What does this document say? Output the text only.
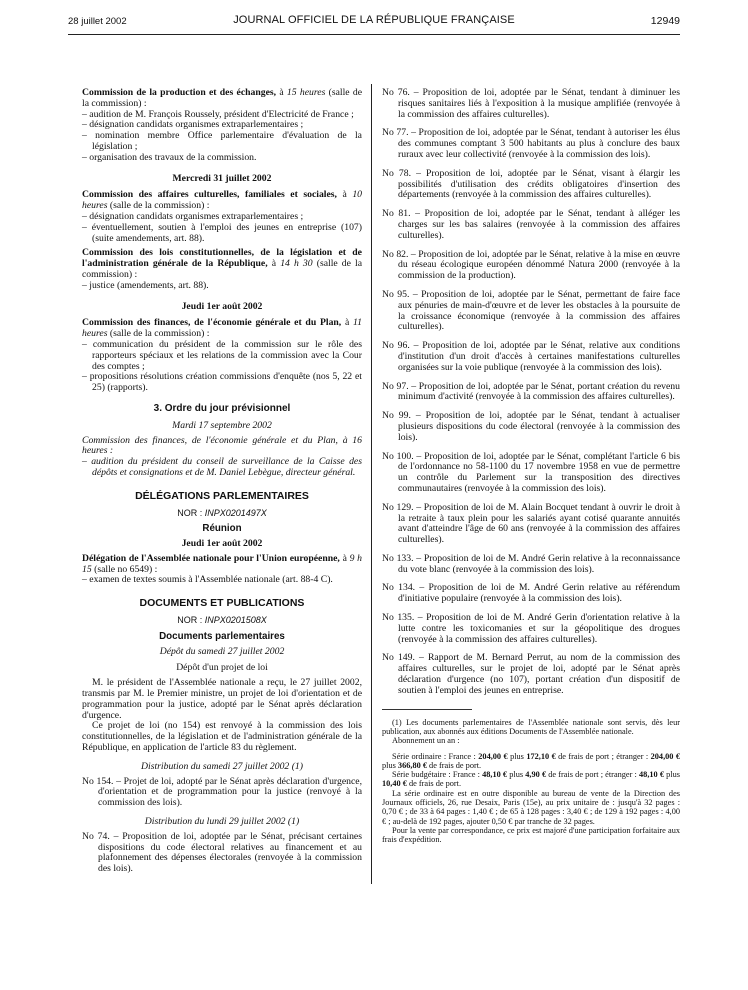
28 juillet 2002	JOURNAL OFFICIEL DE LA RÉPUBLIQUE FRANÇAISE	12949

Commission de la production et des échanges, à 15 heures (salle de la commission) :

– audition de M. François Roussely, président d'Electricité de France ;

– désignation candidats organismes extraparlementaires ;

– nomination membre Office parlementaire d'évaluation de la législation ;

– organisation des travaux de la commission.

Mercredi 31 juillet 2002

Commission des affaires culturelles, familiales et sociales, à 10 heures (salle de la commission) :

– désignation candidats organismes extraparlementaires ;

– éventuellement, soutien à l'emploi des jeunes en entreprise (107) (suite amendements, art. 88).

Commission des lois constitutionnelles, de la législation et de l'administration générale de la République, à 14 h 30 (salle de la commission) :

– justice (amendements, art. 88).

Jeudi 1er août 2002

Commission des finances, de l'économie générale et du Plan, à 11 heures (salle de la commission) :

– communication du président de la commission sur le rôle des rapporteurs spéciaux et les relations de la commission avec la Cour des comptes ;

– propositions résolutions création commissions d'enquête (nos 5, 22 et 25) (rapports).

3. Ordre du jour prévisionnel

Mardi 17 septembre 2002

Commission des finances, de l'économie générale et du Plan, à 16 heures :

– audition du président du conseil de surveillance de la Caisse des dépôts et consignations et de M. Daniel Lebègue, directeur général.

DÉLÉGATIONS PARLEMENTAIRES

NOR : INPX0201497X

Réunion

Jeudi 1er août 2002

Délégation de l'Assemblée nationale pour l'Union européenne, à 9 h 15 (salle no 6549) :

– examen de textes soumis à l'Assemblée nationale (art. 88-4 C).

DOCUMENTS ET PUBLICATIONS

NOR : INPX0201508X

Documents parlementaires

Dépôt du samedi 27 juillet 2002

Dépôt d'un projet de loi

M. le président de l'Assemblée nationale a reçu, le 27 juillet 2002, transmis par M. le Premier ministre, un projet de loi d'orientation et de programmation pour la justice, adopté par le Sénat après déclaration d'urgence.

Ce projet de loi (no 154) est renvoyé à la commission des lois constitutionnelles, de la législation et de l'administration générale de la République, en application de l'article 83 du règlement.

Distribution du samedi 27 juillet 2002 (1)

No 154. – Projet de loi, adopté par le Sénat après déclaration d'urgence, d'orientation et de programmation pour la justice (renvoyé à la commission des lois).

Distribution du lundi 29 juillet 2002 (1)

No 74. – Proposition de loi, adoptée par le Sénat, précisant certaines dispositions du code électoral relatives au financement et au plafonnement des dépenses électorales (renvoyée à la commission des lois).

No 76. – Proposition de loi, adoptée par le Sénat, tendant à diminuer les risques sanitaires liés à l'exposition à la musique amplifiée (renvoyée à la commission des affaires culturelles).

No 77. – Proposition de loi, adoptée par le Sénat, tendant à autoriser les élus des communes comptant 3 500 habitants au plus à conclure des baux ruraux avec leur collectivité (renvoyée à la commission des lois).

No 78. – Proposition de loi, adoptée par le Sénat, visant à élargir les possibilités d'utilisation des crédits obligatoires d'insertion des départements (renvoyée à la commission des affaires culturelles).

No 81. – Proposition de loi, adoptée par le Sénat, tendant à alléger les charges sur les bas salaires (renvoyée à la commission des affaires culturelles).

No 82. – Proposition de loi, adoptée par le Sénat, relative à la mise en œuvre du réseau écologique européen dénommé Natura 2000 (renvoyée à la commission de la production).

No 95. – Proposition de loi, adoptée par le Sénat, permettant de faire face aux pénuries de main-d'œuvre et de lever les obstacles à la poursuite de la croissance économique (renvoyée à la commission des affaires culturelles).

No 96. – Proposition de loi, adoptée par le Sénat, relative aux conditions d'institution d'un droit d'accès à certaines manifestations culturelles organisées sur la voie publique (renvoyée à la commission des lois).

No 97. – Proposition de loi, adoptée par le Sénat, portant création du revenu minimum d'activité (renvoyée à la commission des affaires culturelles).

No 99. – Proposition de loi, adoptée par le Sénat, tendant à actualiser plusieurs dispositions du code électoral (renvoyée à la commission des lois).

No 100. – Proposition de loi, adoptée par le Sénat, complétant l'article 6 bis de l'ordonnance no 58-1100 du 17 novembre 1958 en vue de permettre un contrôle du Parlement sur la transposition des directives communautaires (renvoyée à la commission des lois).

No 129. – Proposition de loi de M. Alain Bocquet tendant à ouvrir le droit à la retraite à taux plein pour les salariés ayant cotisé quarante annuités avant d'atteindre l'âge de 60 ans (renvoyée à la commission des affaires culturelles).

No 133. – Proposition de loi de M. André Gerin relative à la reconnaissance du vote blanc (renvoyée à la commission des lois).

No 134. – Proposition de loi de M. André Gerin relative au référendum d'initiative populaire (renvoyée à la commission des lois).

No 135. – Proposition de loi de M. André Gerin d'orientation relative à la lutte contre les toxicomanies et sur la géopolitique des drogues (renvoyée à la commission des affaires culturelles).

No 149. – Rapport de M. Bernard Perrut, au nom de la commission des affaires culturelles, sur le projet de loi, adopté par le Sénat après déclaration d'urgence (no 107), portant création d'un dispositif de soutien à l'emploi des jeunes en entreprise.

(1) Les documents parlementaires de l'Assemblée nationale sont servis, dès leur publication, aux abonnés aux éditions Documents de l'Assemblée nationale.

Abonnement un an :

Série ordinaire : France : 204,00 € plus 172,10 € de frais de port ; étranger : 204,00 € plus 366,80 € de frais de port.

Série budgétaire : France : 48,10 € plus 4,90 € de frais de port ; étranger : 48,10 € plus 10,40 € de frais de port.

La série ordinaire est en outre disponible au bureau de vente de la Direction des Journaux officiels, 26, rue Desaix, Paris (15e), au prix unitaire de : jusqu'à 32 pages : 0,70 € ; de 33 à 64 pages : 1,40 € ; de 65 à 128 pages : 3,40 € ; de 129 à 192 pages : 4,00 € ; au-delà de 192 pages, ajouter 0,50 € par tranche de 32 pages.

Pour la vente par correspondance, ce prix est majoré d'une participation forfaitaire aux frais d'expédition.
